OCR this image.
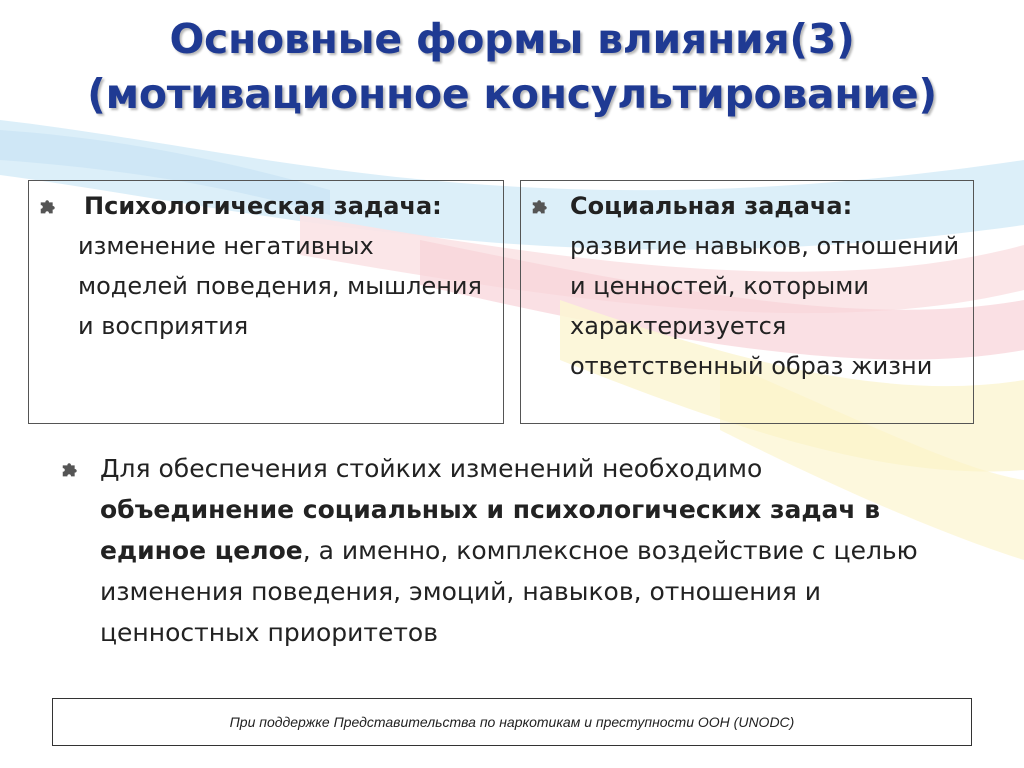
Основные формы влияния(3)
(мотивационное консультирование)
Психологическая задача:
изменение негативных моделей поведения, мышления и восприятия
Социальная задача:
развитие навыков, отношений и ценностей, которыми характеризуется ответственный образ жизни
Для обеспечения стойких изменений необходимо объединение социальных и психологических задач в единое целое, а именно, комплексное воздействие с целью изменения поведения, эмоций, навыков, отношения и ценностных приоритетов
При поддержке Представительства по наркотикам и преступности ООН (UNODC)
